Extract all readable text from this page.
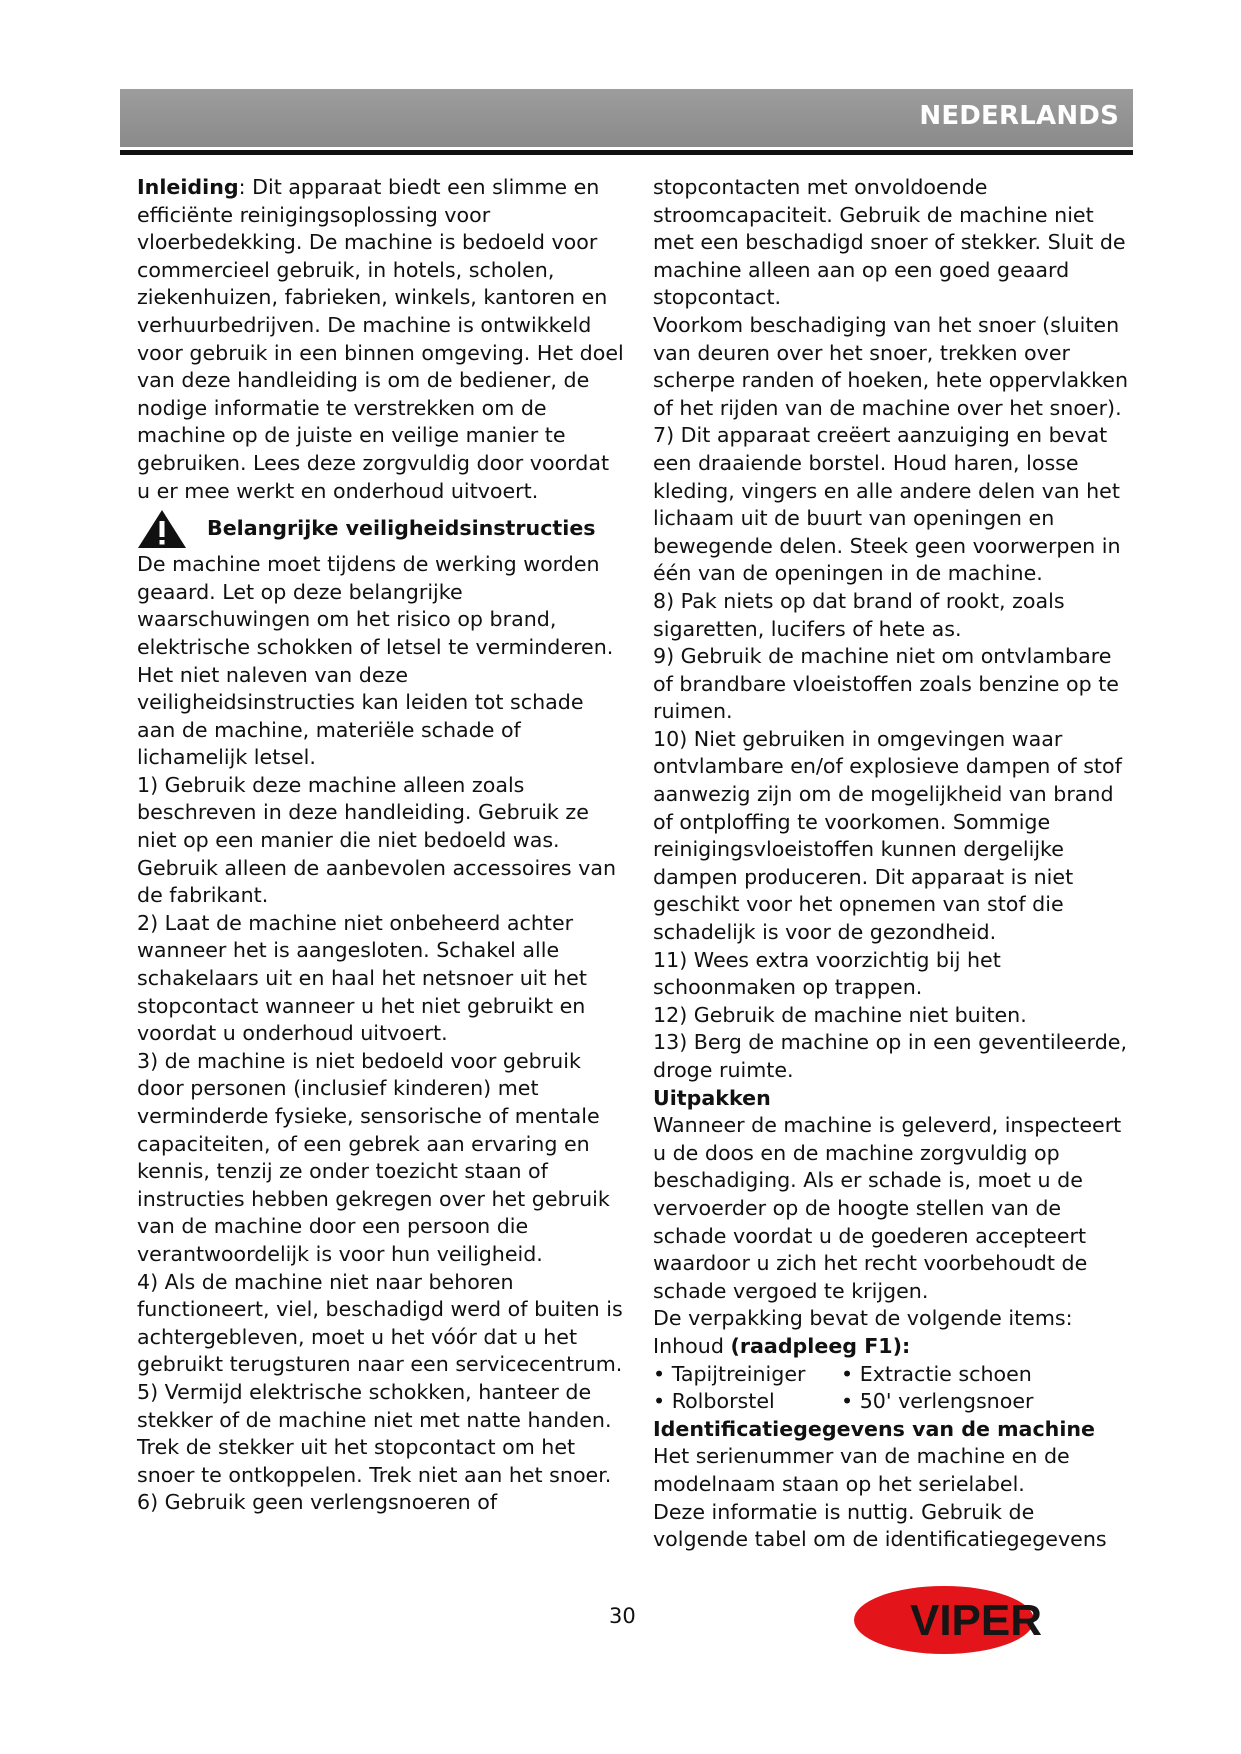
NEDERLANDS

Inleiding: Dit apparaat biedt een slimme en efficiënte reinigingsoplossing voor vloerbedekking. De machine is bedoeld voor commercieel gebruik, in hotels, scholen, ziekenhuizen, fabrieken, winkels, kantoren en verhuurbedrijven. De machine is ontwikkeld voor gebruik in een binnen omgeving. Het doel van deze handleiding is om de bediener, de nodige informatie te verstrekken om de machine op de juiste en veilige manier te gebruiken. Lees deze zorgvuldig door voordat u er mee werkt en onderhoud uitvoert.

Belangrijke veiligheidsinstructies

De machine moet tijdens de werking worden geaard. Let op deze belangrijke waarschuwingen om het risico op brand, elektrische schokken of letsel te verminderen. Het niet naleven van deze veiligheidsinstructies kan leiden tot schade aan de machine, materiële schade of lichamelijk letsel.

1) Gebruik deze machine alleen zoals beschreven in deze handleiding. Gebruik ze niet op een manier die niet bedoeld was. Gebruik alleen de aanbevolen accessoires van de fabrikant.

2) Laat de machine niet onbeheerd achter wanneer het is aangesloten. Schakel alle schakelaars uit en haal het netsnoer uit het stopcontact wanneer u het niet gebruikt en voordat u onderhoud uitvoert.

3) de machine is niet bedoeld voor gebruik door personen (inclusief kinderen) met verminderde fysieke, sensorische of mentale capaciteiten, of een gebrek aan ervaring en kennis, tenzij ze onder toezicht staan of instructies hebben gekregen over het gebruik van de machine door een persoon die verantwoordelijk is voor hun veiligheid.

4) Als de machine niet naar behoren functioneert, viel, beschadigd werd of buiten is achtergebleven, moet u het vóór dat u het gebruikt terugsturen naar een servicecentrum.

5) Vermijd elektrische schokken, hanteer de stekker of de machine niet met natte handen. Trek de stekker uit het stopcontact om het snoer te ontkoppelen. Trek niet aan het snoer.

6) Gebruik geen verlengsnoeren of

stopcontacten met onvoldoende stroomcapaciteit. Gebruik de machine niet met een beschadigd snoer of stekker. Sluit de machine alleen aan op een goed geaard stopcontact.

Voorkom beschadiging van het snoer (sluiten van deuren over het snoer, trekken over scherpe randen of hoeken, hete oppervlakken of het rijden van de machine over het snoer).

7) Dit apparaat creëert aanzuiging en bevat een draaiende borstel. Houd haren, losse kleding, vingers en alle andere delen van het lichaam uit de buurt van openingen en bewegende delen. Steek geen voorwerpen in één van de openingen in de machine.

8) Pak niets op dat brand of rookt, zoals sigaretten, lucifers of hete as.

9) Gebruik de machine niet om ontvlambare of brandbare vloeistoffen zoals benzine op te ruimen.

10) Niet gebruiken in omgevingen waar ontvlambare en/of explosieve dampen of stof aanwezig zijn om de mogelijkheid van brand of ontploffing te voorkomen. Sommige reinigingsvloeistoffen kunnen dergelijke dampen produceren. Dit apparaat is niet geschikt voor het opnemen van stof die schadelijk is voor de gezondheid.

11) Wees extra voorzichtig bij het schoonmaken op trappen.

12) Gebruik de machine niet buiten.

13) Berg de machine op in een geventileerde, droge ruimte.

Uitpakken

Wanneer de machine is geleverd, inspecteert u de doos en de machine zorgvuldig op beschadiging. Als er schade is, moet u de vervoerder op de hoogte stellen van de schade voordat u de goederen accepteert waardoor u zich het recht voorbehoudt de schade vergoed te krijgen.

De verpakking bevat de volgende items:

Inhoud (raadpleeg F1):

• Tapijtreiniger	• Extractie schoen
• Rolborstel	• 50' verlengsnoer

Identificatiegegevens van de machine

Het serienummer van de machine en de modelnaam staan op het serielabel.

Deze informatie is nuttig. Gebruik de volgende tabel om de identificatiegegevens

30	VIPER
